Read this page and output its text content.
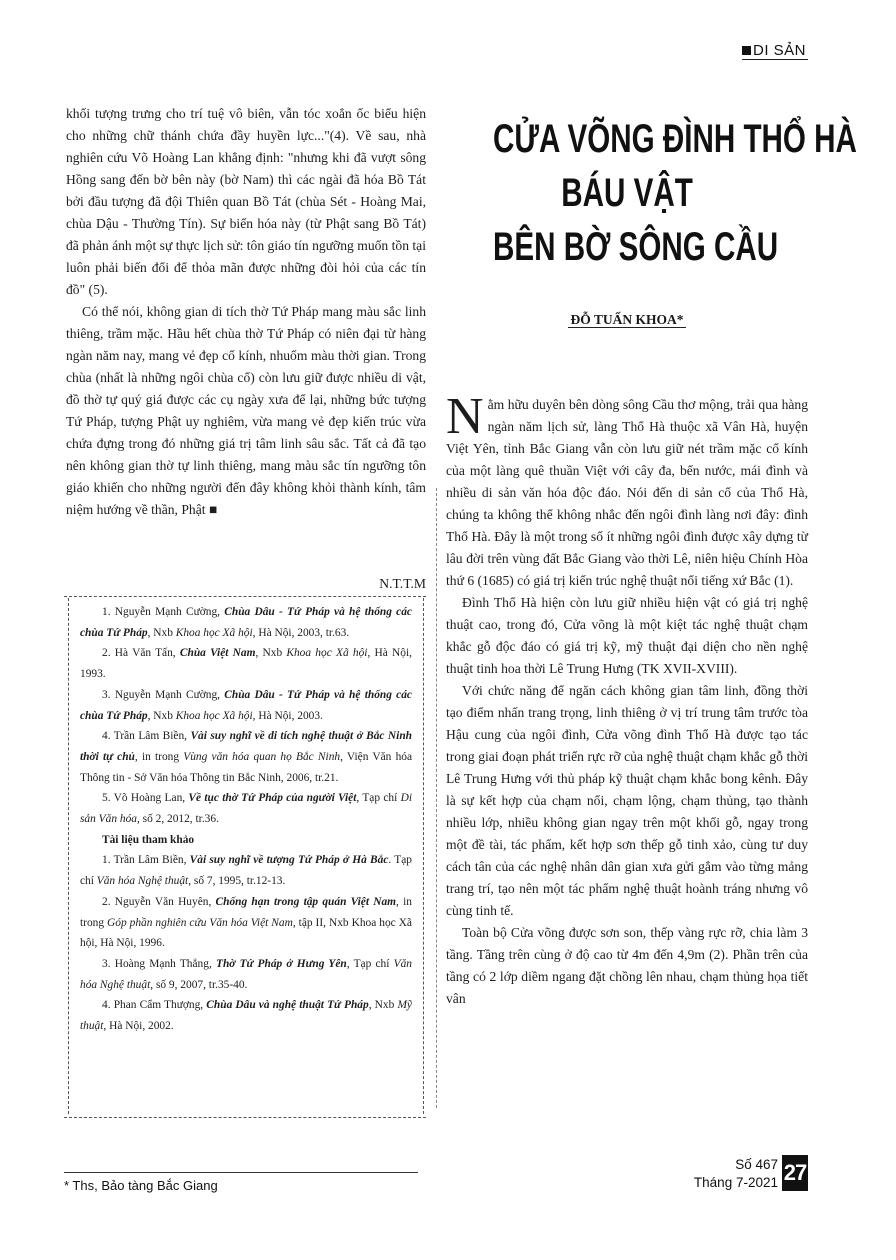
DI SẢN

khối tượng trưng cho trí tuệ vô biên, vẫn tóc xoắn ốc biểu hiện cho những chữ thánh chứa đầy huyền lực..."(4). Về sau, nhà nghiên cứu Võ Hoàng Lan khẳng định: "nhưng khi đã vượt sông Hồng sang đến bờ bên này (bờ Nam) thì các ngài đã hóa Bồ Tát bởi đầu tượng đã đội Thiên quan Bồ Tát (chùa Sét - Hoàng Mai, chùa Dậu - Thường Tín). Sự biến hóa này (từ Phật sang Bồ Tát) đã phản ánh một sự thực lịch sử: tôn giáo tín ngưỡng muốn tồn tại luôn phải biến đổi để thỏa mãn được những đòi hỏi của các tín đồ" (5).

Có thể nói, không gian di tích thờ Tứ Pháp mang màu sắc linh thiêng, trầm mặc. Hầu hết chùa thờ Tứ Pháp có niên đại từ hàng ngàn năm nay, mang vẻ đẹp cổ kính, nhuốm màu thời gian. Trong chùa (nhất là những ngôi chùa cổ) còn lưu giữ được nhiều di vật, đồ thờ tự quý giá được các cụ ngày xưa để lại, những bức tượng Tứ Pháp, tượng Phật uy nghiêm, vừa mang vẻ đẹp kiến trúc vừa chứa đựng trong đó những giá trị tâm linh sâu sắc. Tất cả đã tạo nên không gian thờ tự linh thiêng, mang màu sắc tín ngưỡng tôn giáo khiến cho những người đến đây không khỏi thành kính, tâm niệm hướng về thần, Phật ■

N.T.T.M

1. Nguyễn Mạnh Cường, Chùa Dâu - Tứ Pháp và hệ thống các chùa Tứ Pháp, Nxb Khoa học Xã hội, Hà Nội, 2003, tr.63.

2. Hà Văn Tấn, Chùa Việt Nam, Nxb Khoa học Xã hội, Hà Nội, 1993.

3. Nguyễn Mạnh Cường, Chùa Dâu - Tứ Pháp và hệ thống các chùa Tứ Pháp, Nxb Khoa học Xã hội, Hà Nội, 2003.

4. Trần Lâm Biền, Vài suy nghĩ về di tích nghệ thuật ở Bắc Ninh thời tự chủ, in trong Vùng văn hóa quan họ Bắc Ninh, Viện Văn hóa Thông tin - Sở Văn hóa Thông tin Bắc Ninh, 2006, tr.21.

5. Võ Hoàng Lan, Về tục thờ Tứ Pháp của người Việt, Tạp chí Di sản Văn hóa, số 2, 2012, tr.36.

Tài liệu tham khảo

1. Trần Lâm Biền, Vài suy nghĩ về tượng Tứ Pháp ở Hà Bắc. Tạp chí Văn hóa Nghệ thuật, số 7, 1995, tr.12-13.

2. Nguyễn Văn Huyên, Chống hạn trong tập quán Việt Nam, in trong Góp phần nghiên cứu Văn hóa Việt Nam, tập II, Nxb Khoa học Xã hội, Hà Nội, 1996.

3. Hoàng Mạnh Thắng, Thờ Tứ Pháp ở Hưng Yên, Tạp chí Văn hóa Nghệ thuật, số 9, 2007, tr.35-40.

4. Phan Cẩm Thượng, Chùa Dâu và nghệ thuật Tứ Pháp, Nxb Mỹ thuật, Hà Nội, 2002.

CỬA VÕNG ĐÌNH THỔ HÀ
BÁU VẬT
BÊN BỜ SÔNG CẦU
ĐỖ TUẤN KHOA*

Nằm hữu duyên bên dòng sông Cầu thơ mộng, trải qua hàng ngàn năm lịch sử, làng Thổ Hà thuộc xã Vân Hà, huyện Việt Yên, tỉnh Bắc Giang vẫn còn lưu giữ nét trầm mặc cổ kính của một làng quê thuần Việt với cây đa, bến nước, mái đình và nhiều di sản văn hóa độc đáo. Nói đến di sản cổ của Thổ Hà, chúng ta không thể không nhắc đến ngôi đình làng nơi đây: đình Thổ Hà. Đây là một trong số ít những ngôi đình được xây dựng từ lâu đời trên vùng đất Bắc Giang vào thời Lê, niên hiệu Chính Hòa thứ 6 (1685) có giá trị kiến trúc nghệ thuật nổi tiếng xứ Bắc (1).

Đình Thổ Hà hiện còn lưu giữ nhiều hiện vật có giá trị nghệ thuật cao, trong đó, Cửa võng là một kiệt tác nghệ thuật chạm khắc gỗ độc đáo có giá trị kỹ, mỹ thuật đại diện cho nền nghệ thuật tinh hoa thời Lê Trung Hưng (TK XVII-XVIII).

Với chức năng để ngăn cách không gian tâm linh, đồng thời tạo điểm nhấn trang trọng, linh thiêng ở vị trí trung tâm trước tòa Hậu cung của ngôi đình, Cửa võng đình Thổ Hà được tạo tác trong giai đoạn phát triển rực rỡ của nghệ thuật chạm khắc gỗ thời Lê Trung Hưng với thủ pháp kỹ thuật chạm khắc bong kênh. Đây là sự kết hợp của chạm nổi, chạm lộng, chạm thủng, tạo thành nhiều lớp, nhiều không gian ngay trên một khối gỗ, ngay trong một đề tài, tác phẩm, kết hợp sơn thếp gỗ tinh xảo, cùng tư duy cách tân của các nghệ nhân dân gian xưa gửi gắm vào từng mảng trang trí, tạo nên một tác phẩm nghệ thuật hoành tráng nhưng vô cùng tinh tế.

Toàn bộ Cửa võng được sơn son, thếp vàng rực rỡ, chia làm 3 tầng. Tầng trên cùng ở độ cao từ 4m đến 4,9m (2). Phần trên của tầng có 2 lớp diềm ngang đặt chồng lên nhau, chạm thủng họa tiết vân

* Ths, Bảo tàng Bắc Giang
Số 467
Tháng 7-2021 27
